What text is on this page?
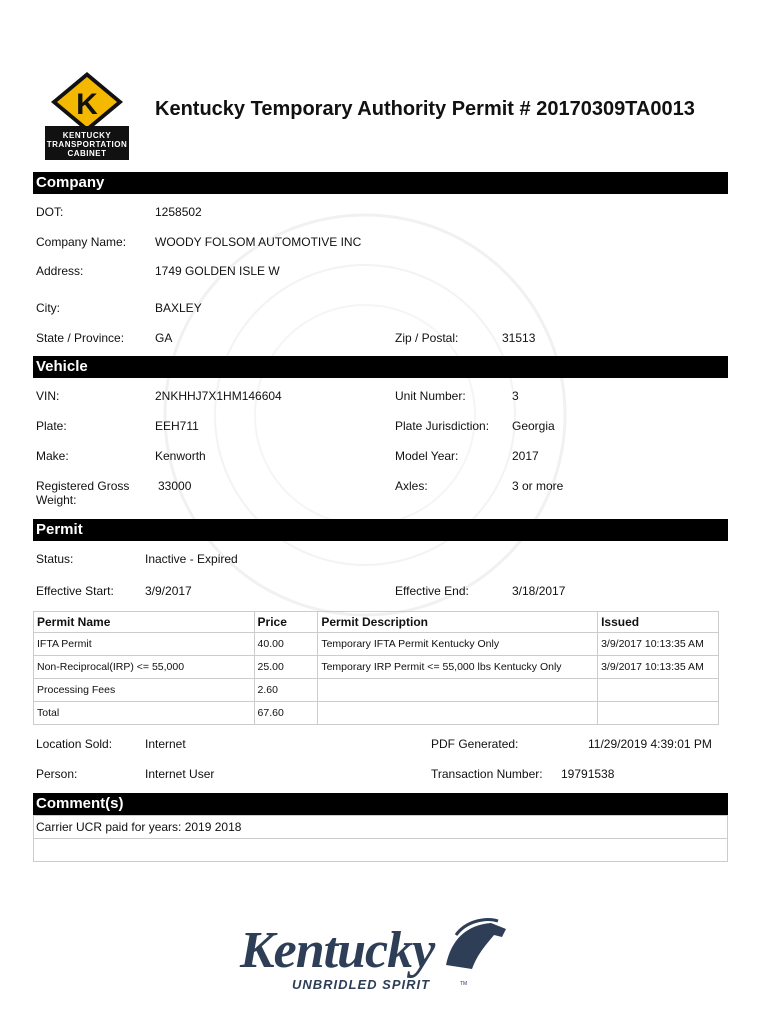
K
KENTUCKY
TRANSPORTATION
CABINET
Kentucky Temporary Authority Permit # 20170309TA0013
Company
DOT:	1258502
Company Name: WOODY FOLSOM AUTOMOTIVE INC
Address:	1749 GOLDEN ISLE W
City:	BAXLEY
State / Province:	GA	Zip / Postal:	31513
Vehicle
VIN:	2NKHHJ7X1HM146604	Unit Number:	3
Plate:	EEH711	Plate Jurisdiction: Georgia
Make:	Kenworth	Model Year:	2017
Registered Gross
Weight:
33000	Axles:	3 or more
Permit
Status:	Inactive - Expired
Effective Start:	3/9/2017	Effective End:	3/18/2017
Permit Name	Price	Permit Description	Issued
IFTA Permit	40.00	Temporary IFTA Permit Kentucky Only	3/9/2017 10:13:35 AM
Non-Reciprocal(IRP) <= 55,000	25.00	Temporary IRP Permit <= 55,000 lbs Kentucky Only	3/9/2017 10:13:35 AM
Processing Fees	2.60		
Total	67.60		
Location Sold:	Internet	PDF Generated:	11/29/2019 4:39:01 PM
Person:	Internet User	Transaction Number: 19791538
Comment(s)
Carrier UCR paid for years: 2019 2018
Kentucky
UNBRIDLED SPIRIT	TM
